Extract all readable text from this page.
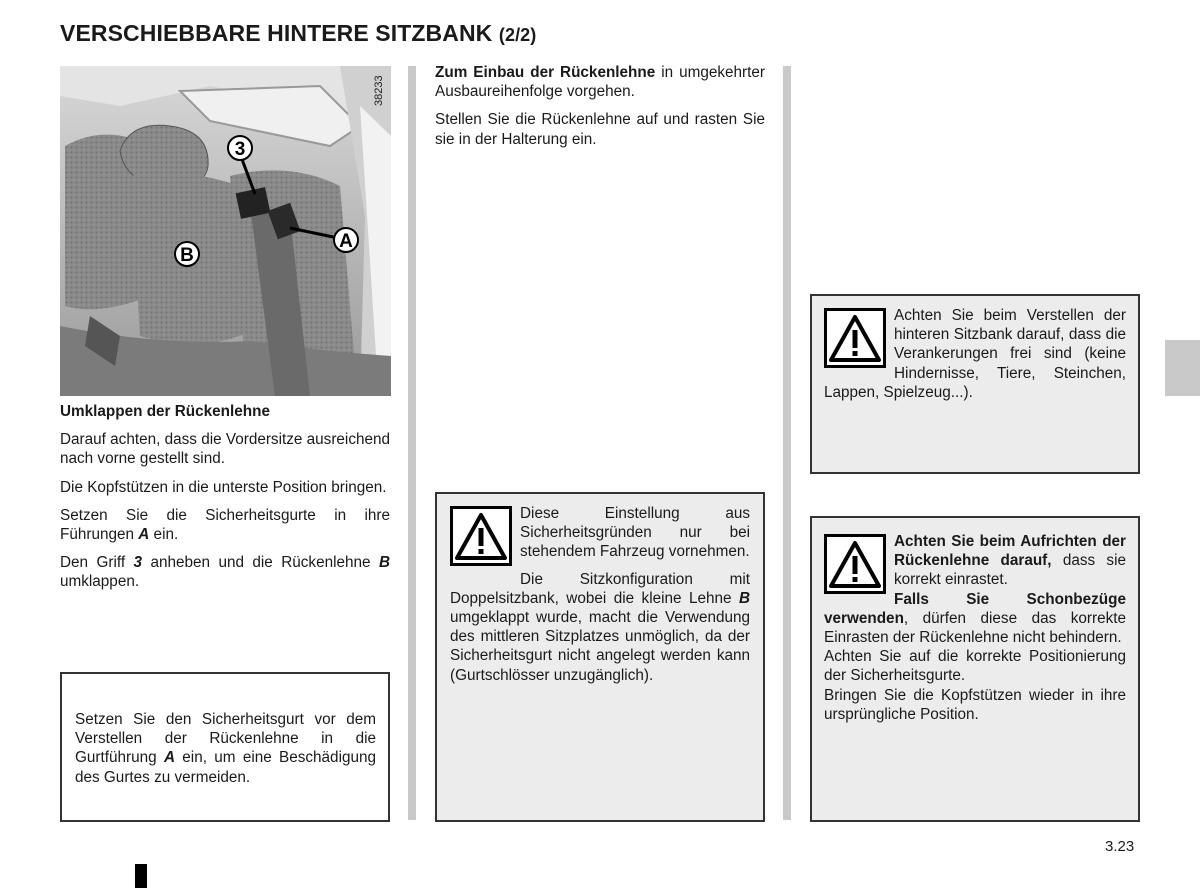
VERSCHIEBBARE HINTERE SITZBANK (2/2)
38233
3
A
B

Umklappen der Rückenlehne

Darauf achten, dass die Vordersitze ausreichend nach vorne gestellt sind.

Die Kopfstützen in die unterste Position bringen.

Setzen Sie die Sicherheitsgurte in ihre Führungen A ein.

Den Griff 3 anheben und die Rückenlehne B umklappen.

Setzen Sie den Sicherheitsgurt vor dem Verstellen der Rückenlehne in die Gurtführung A ein, um eine Beschädigung des Gurtes zu vermeiden.

Zum Einbau der Rückenlehne in umgekehrter Ausbaureihenfolge vorgehen.

Stellen Sie die Rückenlehne auf und rasten Sie sie in der Halterung ein.

Diese Einstellung aus Sicherheitsgründen nur bei stehendem Fahrzeug vornehmen.

Die Sitzkonfiguration mit Doppelsitzbank, wobei die kleine Lehne B umgeklappt wurde, macht die Verwendung des mittleren Sitzplatzes unmöglich, da der Sicherheitsgurt nicht angelegt werden kann (Gurtschlösser unzugänglich).

Achten Sie beim Verstellen der hinteren Sitzbank darauf, dass die Verankerungen frei sind (keine Hindernisse, Tiere, Steinchen, Lappen, Spielzeug...).

Achten Sie beim Aufrichten der Rückenlehne darauf, dass sie korrekt einrastet.

Falls Sie Schonbezüge verwenden, dürfen diese das korrekte Einrasten der Rückenlehne nicht behindern.

Achten Sie auf die korrekte Positionierung der Sicherheitsgurte.

Bringen Sie die Kopfstützen wieder in ihre ursprüngliche Position.

3.23
